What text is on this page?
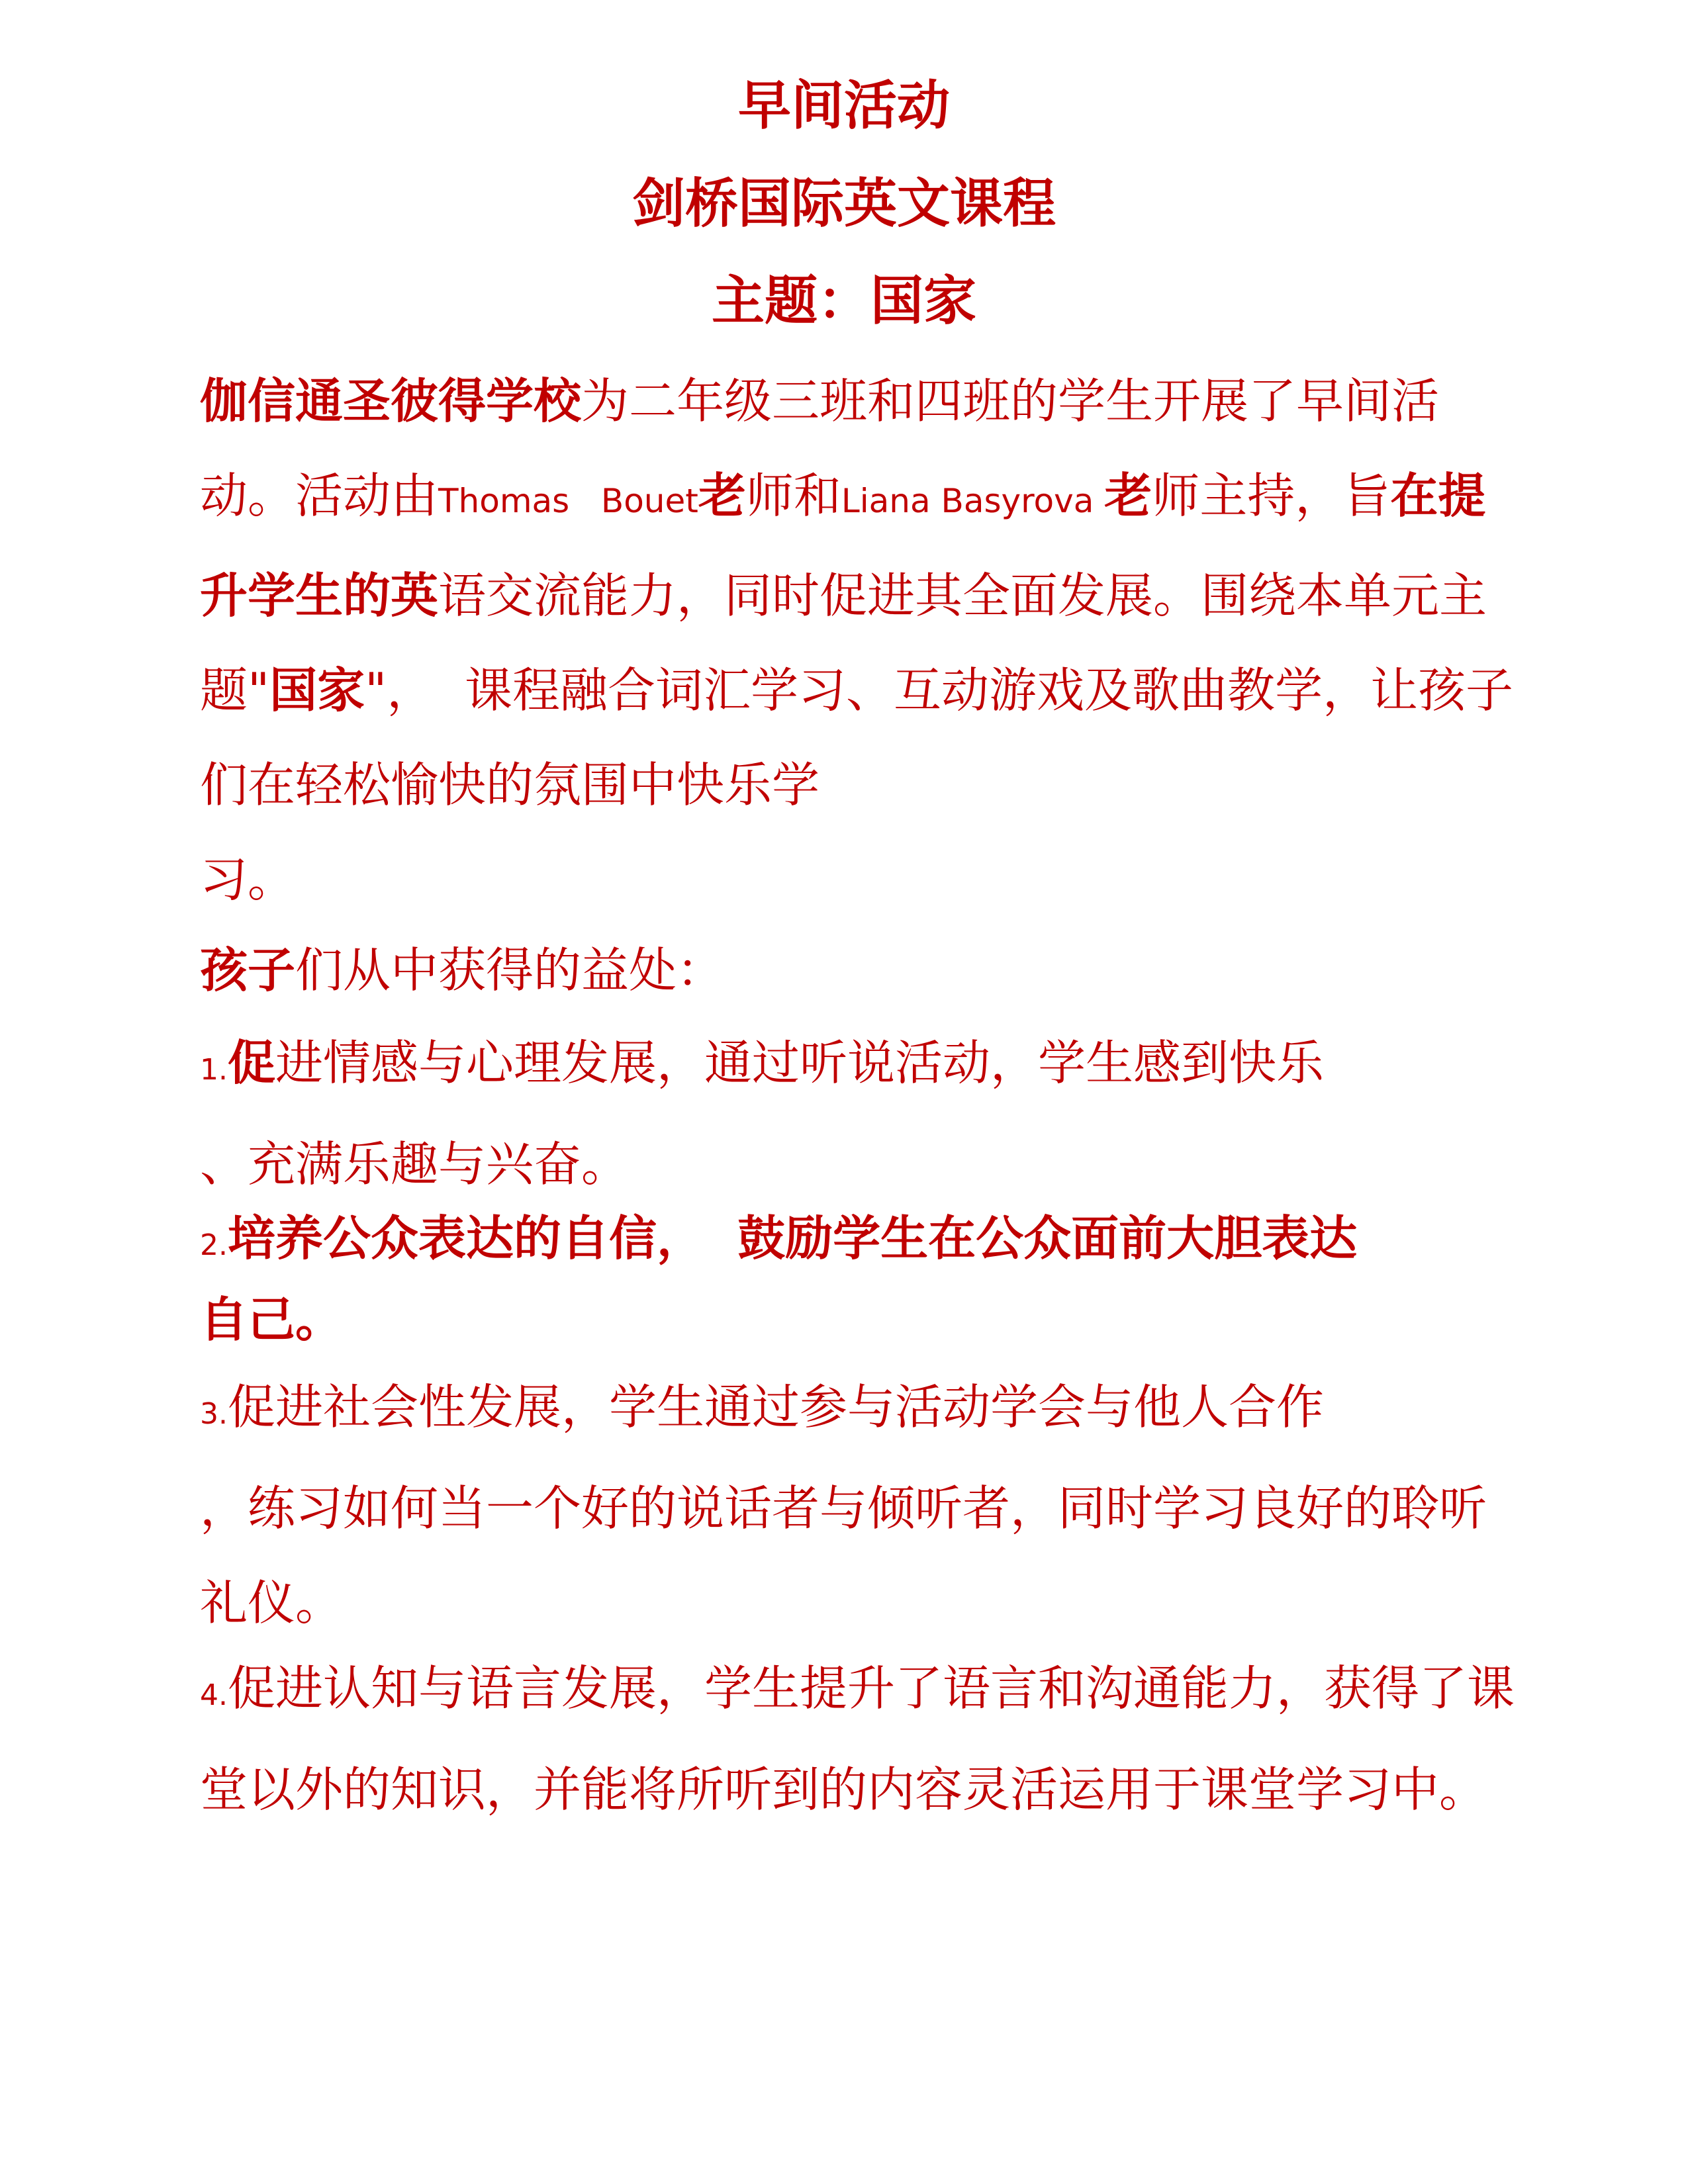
早间活动
剑桥国际英文课程
主题：国家

伽信通圣彼得学校为二年级三班和四班的学生开展了早间活动。活动由Thomas   Bouet老师和Liana Basyrova 老师主持，旨在提升学生的英语交流能力，同时促进其全面发展。围绕本单元主题"国家"，  课程融合词汇学习、互动游戏及歌曲教学，让孩子们在轻松愉快的氛围中快乐学
习。

孩子们从中获得的益处：

1.促进情感与心理发展，通过听说活动，学生感到快乐
、充满乐趣与兴奋。

2.培养公众表达的自信，  鼓励学生在公众面前大胆表达
自己。

3.促进社会性发展，学生通过参与活动学会与他人合作
，练习如何当一个好的说话者与倾听者，同时学习良好的聆听礼仪。

4.促进认知与语言发展，学生提升了语言和沟通能力，获得了课堂以外的知识，并能将所听到的内容灵活运用于课堂学习中。
